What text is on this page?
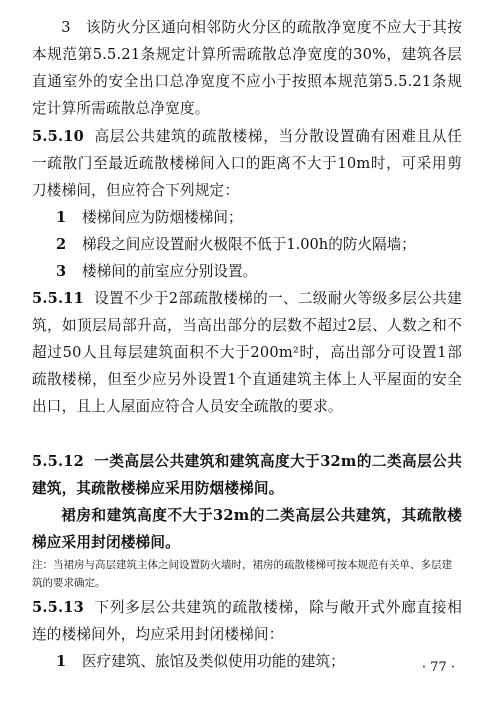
3　该防火分区通向相邻防火分区的疏散净宽度不应大于其按本规范第5.5.21条规定计算所需疏散总净宽度的30%，建筑各层直通室外的安全出口总净宽度不应小于按照本规范第5.5.21条规定计算所需疏散总净宽度。
5.5.10 高层公共建筑的疏散楼梯，当分散设置确有困难且从任一疏散门至最近疏散楼梯间入口的距离不大于10m时，可采用剪刀楼梯间，但应符合下列规定：
1 楼梯间应为防烟楼梯间；
2 梯段之间应设置耐火极限不低于1.00h的防火隔墙；
3 楼梯间的前室应分别设置。
5.5.11 设置不少于2部疏散楼梯的一、二级耐火等级多层公共建筑，如顶层局部升高，当高出部分的层数不超过2层、人数之和不超过50人且每层建筑面积不大于200m²时，高出部分可设置1部疏散楼梯，但至少应另外设置1个直通建筑主体上人平屋面的安全出口，且上人屋面应符合人员安全疏散的要求。
5.5.12 一类高层公共建筑和建筑高度大于32m的二类高层公共建筑，其疏散楼梯应采用防烟楼梯间。
裙房和建筑高度不大于32m的二类高层公共建筑，其疏散楼梯应采用封闭楼梯间。
注：当裙房与高层建筑主体之间设置防火墙时，裙房的疏散楼梯可按本规范有关单、多层建筑的要求确定。
5.5.13 下列多层公共建筑的疏散楼梯，除与敞开式外廊直接相连的楼梯间外，均应采用封闭楼梯间：
1 医疗建筑、旅馆及类似使用功能的建筑；	· 77 ·
